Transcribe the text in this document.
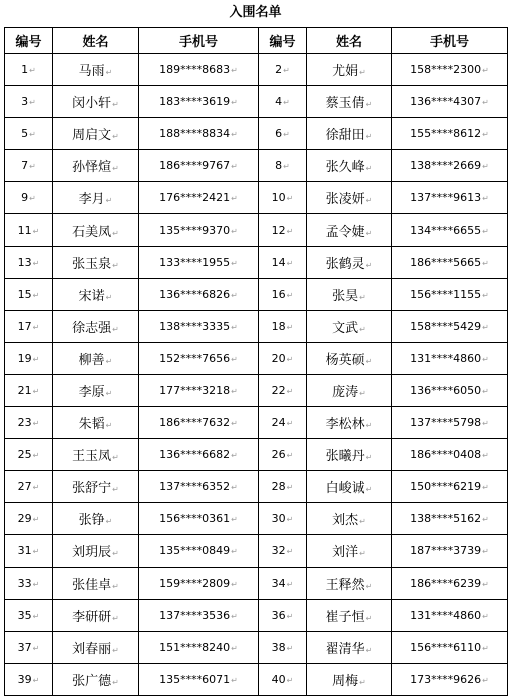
入围名单
编号	姓名	手机号	编号	姓名	手机号
1↵	马雨↵	189****8683↵	2↵	尤娟↵	158****2300↵
3↵	闵小轩↵	183****3619↵	4↵	蔡玉倩↵	136****4307↵
5↵	周启文↵	188****8834↵	6↵	徐甜田↵	155****8612↵
7↵	孙怿煊↵	186****9767↵	8↵	张久峰↵	138****2669↵
9↵	李月↵	176****2421↵	10↵	张凌妍↵	137****9613↵
11↵	石美凤↵	135****9370↵	12↵	孟令婕↵	134****6655↵
13↵	张玉泉↵	133****1955↵	14↵	张鹤灵↵	186****5665↵
15↵	宋诺↵	136****6826↵	16↵	张昊↵	156****1155↵
17↵	徐志强↵	138****3335↵	18↵	文武↵	158****5429↵
19↵	柳善↵	152****7656↵	20↵	杨英硕↵	131****4860↵
21↵	李原↵	177****3218↵	22↵	庞涛↵	136****6050↵
23↵	朱韬↵	186****7632↵	24↵	李松林↵	137****5798↵
25↵	王玉凤↵	136****6682↵	26↵	张曦丹↵	186****0408↵
27↵	张舒宁↵	137****6352↵	28↵	白峻诚↵	150****6219↵
29↵	张铮↵	156****0361↵	30↵	刘杰↵	138****5162↵
31↵	刘玥辰↵	135****0849↵	32↵	刘洋↵	187****3739↵
33↵	张佳卓↵	159****2809↵	34↵	王释然↵	186****6239↵
35↵	李研研↵	137****3536↵	36↵	崔子恒↵	131****4860↵
37↵	刘春丽↵	151****8240↵	38↵	翟清华↵	156****6110↵
39↵	张广德↵	135****6071↵	40↵	周梅↵	173****9626↵
